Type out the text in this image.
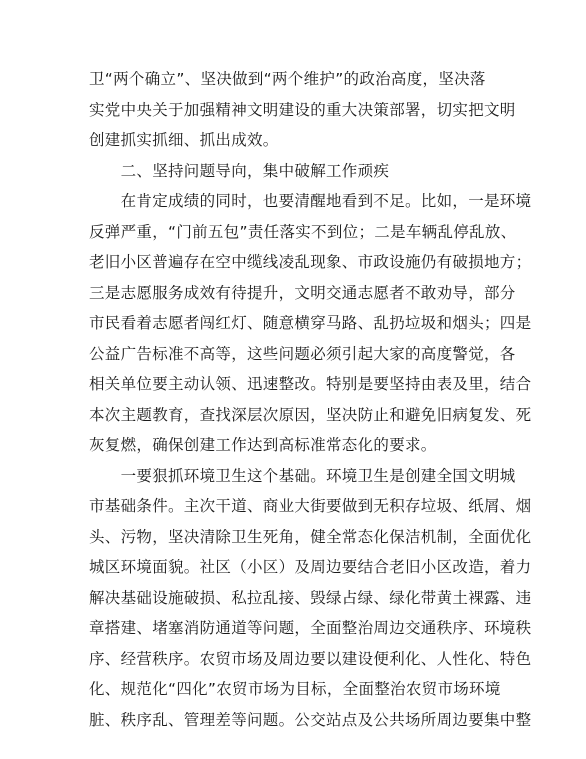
卫“两个确立”、坚决做到“两个维护”的政治高度，坚决落
实党中央关于加强精神文明建设的重大决策部署，切实把文明
创建抓实抓细、抓出成效。
　　二、坚持问题导向，集中破解工作顽疾
　　在肯定成绩的同时，也要清醒地看到不足。比如，一是环境
反弹严重，“门前五包”责任落实不到位；二是车辆乱停乱放、
老旧小区普遍存在空中缆线凌乱现象、市政设施仍有破损地方；
三是志愿服务成效有待提升，文明交通志愿者不敢劝导，部分
市民看着志愿者闯红灯、随意横穿马路、乱扔垃圾和烟头；四是
公益广告标准不高等，这些问题必须引起大家的高度警觉，各
相关单位要主动认领、迅速整改。特别是要坚持由表及里，结合
本次主题教育，查找深层次原因，坚决防止和避免旧病复发、死
灰复燃，确保创建工作达到高标准常态化的要求。
　　一要狠抓环境卫生这个基础。环境卫生是创建全国文明城
市基础条件。主次干道、商业大街要做到无积存垃圾、纸屑、烟
头、污物，坚决清除卫生死角，健全常态化保洁机制，全面优化
城区环境面貌。社区（小区）及周边要结合老旧小区改造，着力
解决基础设施破损、私拉乱接、毁绿占绿、绿化带黄土裸露、违
章搭建、堵塞消防通道等问题，全面整治周边交通秩序、环境秩
序、经营秩序。农贸市场及周边要以建设便利化、人性化、特色
化、规范化“四化”农贸市场为目标，全面整治农贸市场环境
脏、秩序乱、管理差等问题。公交站点及公共场所周边要集中整
